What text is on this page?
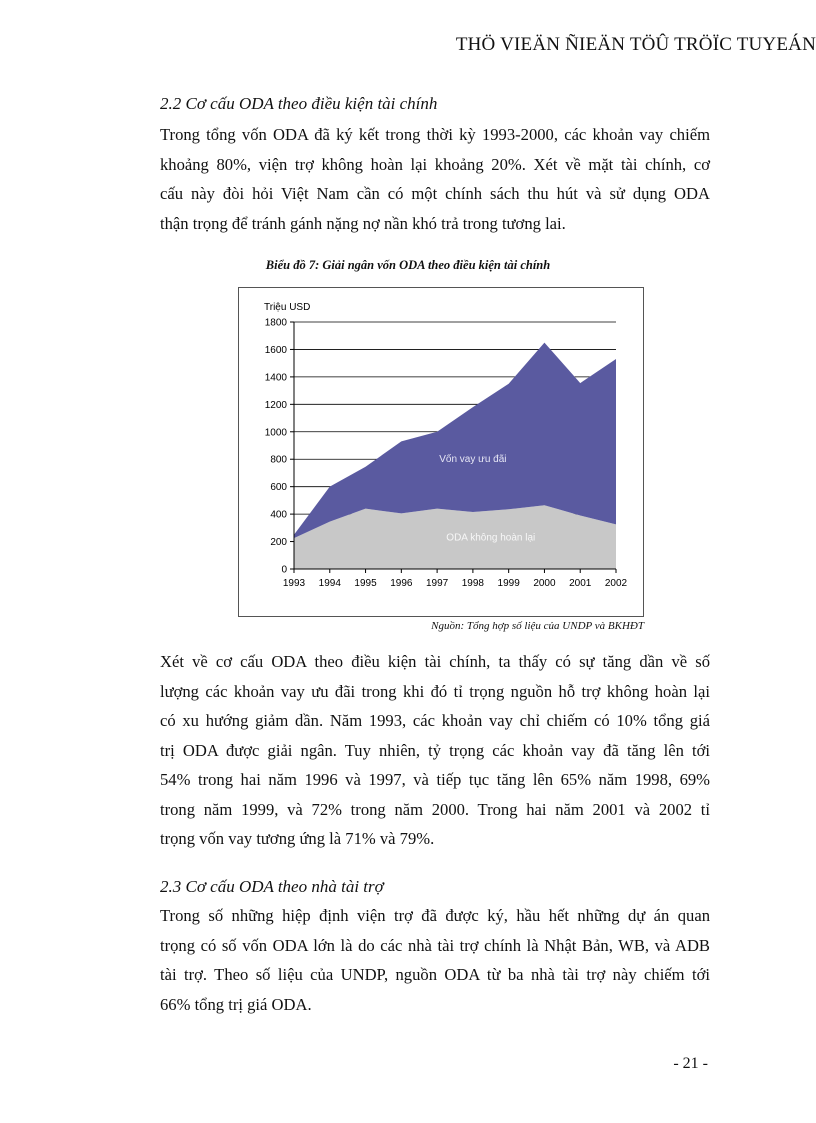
THÖ VIEÄN ÑIEÄN TÖÛ TRÖÏC TUYEÁN
2.2 Cơ cấu ODA theo điều kiện tài chính
Trong tổng vốn ODA đã ký kết trong thời kỳ 1993-2000, các khoản vay chiếm
khoảng 80%, viện trợ không hoàn lại khoảng 20%. Xét về mặt tài chính, cơ
cấu này đòi hỏi Việt Nam cần có một chính sách thu hút và sử dụng ODA
thận trọng để tránh gánh nặng nợ nần khó trả trong tương lai.
Biểu đồ 7: Giải ngân vốn ODA theo điều kiện tài chính
0
200
400
600
800
1000
1200
1400
1600
1800
1993 1994 1995 1996 1997 1998 1999 2000 2001 2002
Triệu USD
Vốn vay ưu đãi
ODA không hoàn lại
Nguồn: Tổng hợp số liệu của UNDP và BKHĐT
Xét về cơ cấu ODA theo điều kiện tài chính, ta thấy có sự tăng dần về số
lượng các khoản vay ưu đãi trong khi đó tỉ trọng nguồn hỗ trợ không hoàn lại
có xu hướng giảm dần. Năm 1993, các khoản vay chỉ chiếm có 10% tổng giá
trị ODA được giải ngân. Tuy nhiên, tỷ trọng các khoản vay đã tăng lên tới
54% trong hai năm 1996 và 1997, và tiếp tục tăng lên 65% năm 1998, 69%
trong năm 1999, và 72% trong năm 2000. Trong hai năm 2001 và 2002 tỉ
trọng vốn vay tương ứng là 71% và 79%.
2.3 Cơ cấu ODA theo nhà tài trợ
Trong số những hiệp định viện trợ đã được ký, hầu hết những dự án quan
trọng có số vốn ODA lớn là do các nhà tài trợ chính là Nhật Bản, WB, và ADB
tài trợ. Theo số liệu của UNDP, nguồn ODA từ ba nhà tài trợ này chiếm tới
66% tổng trị giá ODA.
- 21 -
